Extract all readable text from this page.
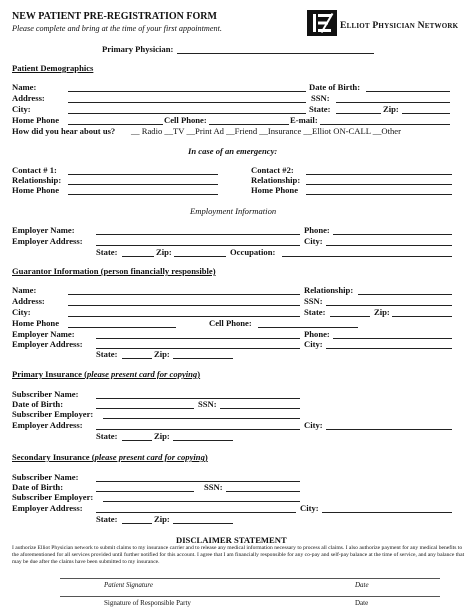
NEW PATIENT PRE-REGISTRATION FORM
Please complete and bring at the time of your first appointment.	Elliot Physician Network
Primary Physician:
Patient Demographics
Name:	Date of Birth:
Address:	SSN:
City:	State:	Zip:
Home Phone	Cell Phone:	E-mail:
How did you hear about us? __ Radio __TV __Print Ad __Friend __Insurance __Elliot ON-CALL __Other
In case of an emergency:
Contact # 1:	Contact #2:
Relationship:	Relationship:
Home Phone	Home Phone
Employment Information
Employer Name:	Phone:
Employer Address:	City:
State:	Zip:	Occupation:
Guarantor Information (person financially responsible)
Name:	Relationship:
Address:	SSN:
City:	State:	Zip:
Home Phone	Cell Phone:
Employer Name:	Phone:
Employer Address:	City:
State:	Zip:
Primary Insurance (please present card for copying)
Subscriber Name:
Date of Birth:	SSN:
Subscriber Employer:
Employer Address:	City:
State:	Zip:
Secondary Insurance (please present card for copying)
Subscriber Name:
Date of Birth:	SSN:
Subscriber Employer:
Employer Address:	City:
State:	Zip:
DISCLAIMER STATEMENT
I authorize Elliot Physician network to submit claims to my insurance carrier and to release any medical information necessary to process all claims. I also authorize payment for any medical benefits to the aforementioned for all services provided until further notified for this account. I agree that I am financially responsible for any co-pay and self-pay balance at the time of service, and any balance that may be due after the claims have been submitted to my insurance.
Patient Signature	Date
Signature of Responsible Party	Date
